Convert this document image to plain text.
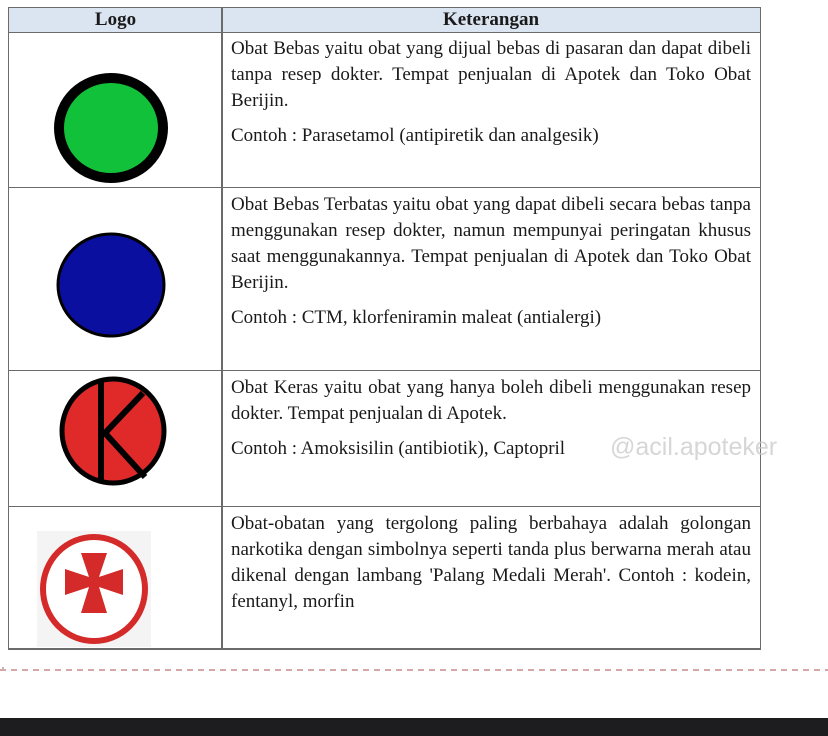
Logo	Keterangan

Obat Bebas yaitu obat yang dijual bebas di pasaran dan dapat dibeli tanpa resep dokter. Tempat penjualan di Apotek dan Toko Obat Berijin.

Contoh : Parasetamol (antipiretik dan analgesik)

Obat Bebas Terbatas yaitu obat yang dapat dibeli secara bebas tanpa menggunakan resep dokter, namun mempunyai peringatan khusus saat menggunakannya. Tempat penjualan di Apotek dan Toko Obat Berijin.

Contoh : CTM, klorfeniramin maleat (antialergi)

Obat Keras yaitu obat yang hanya boleh dibeli menggunakan resep dokter. Tempat penjualan di Apotek.

Contoh : Amoksisilin (antibiotik), Captopril

Obat-obatan yang tergolong paling berbahaya adalah golongan narkotika dengan simbolnya seperti tanda plus berwarna merah atau dikenal dengan lambang 'Palang Medali Merah'. Contoh : kodein, fentanyl, morfin

@acil.apoteker
